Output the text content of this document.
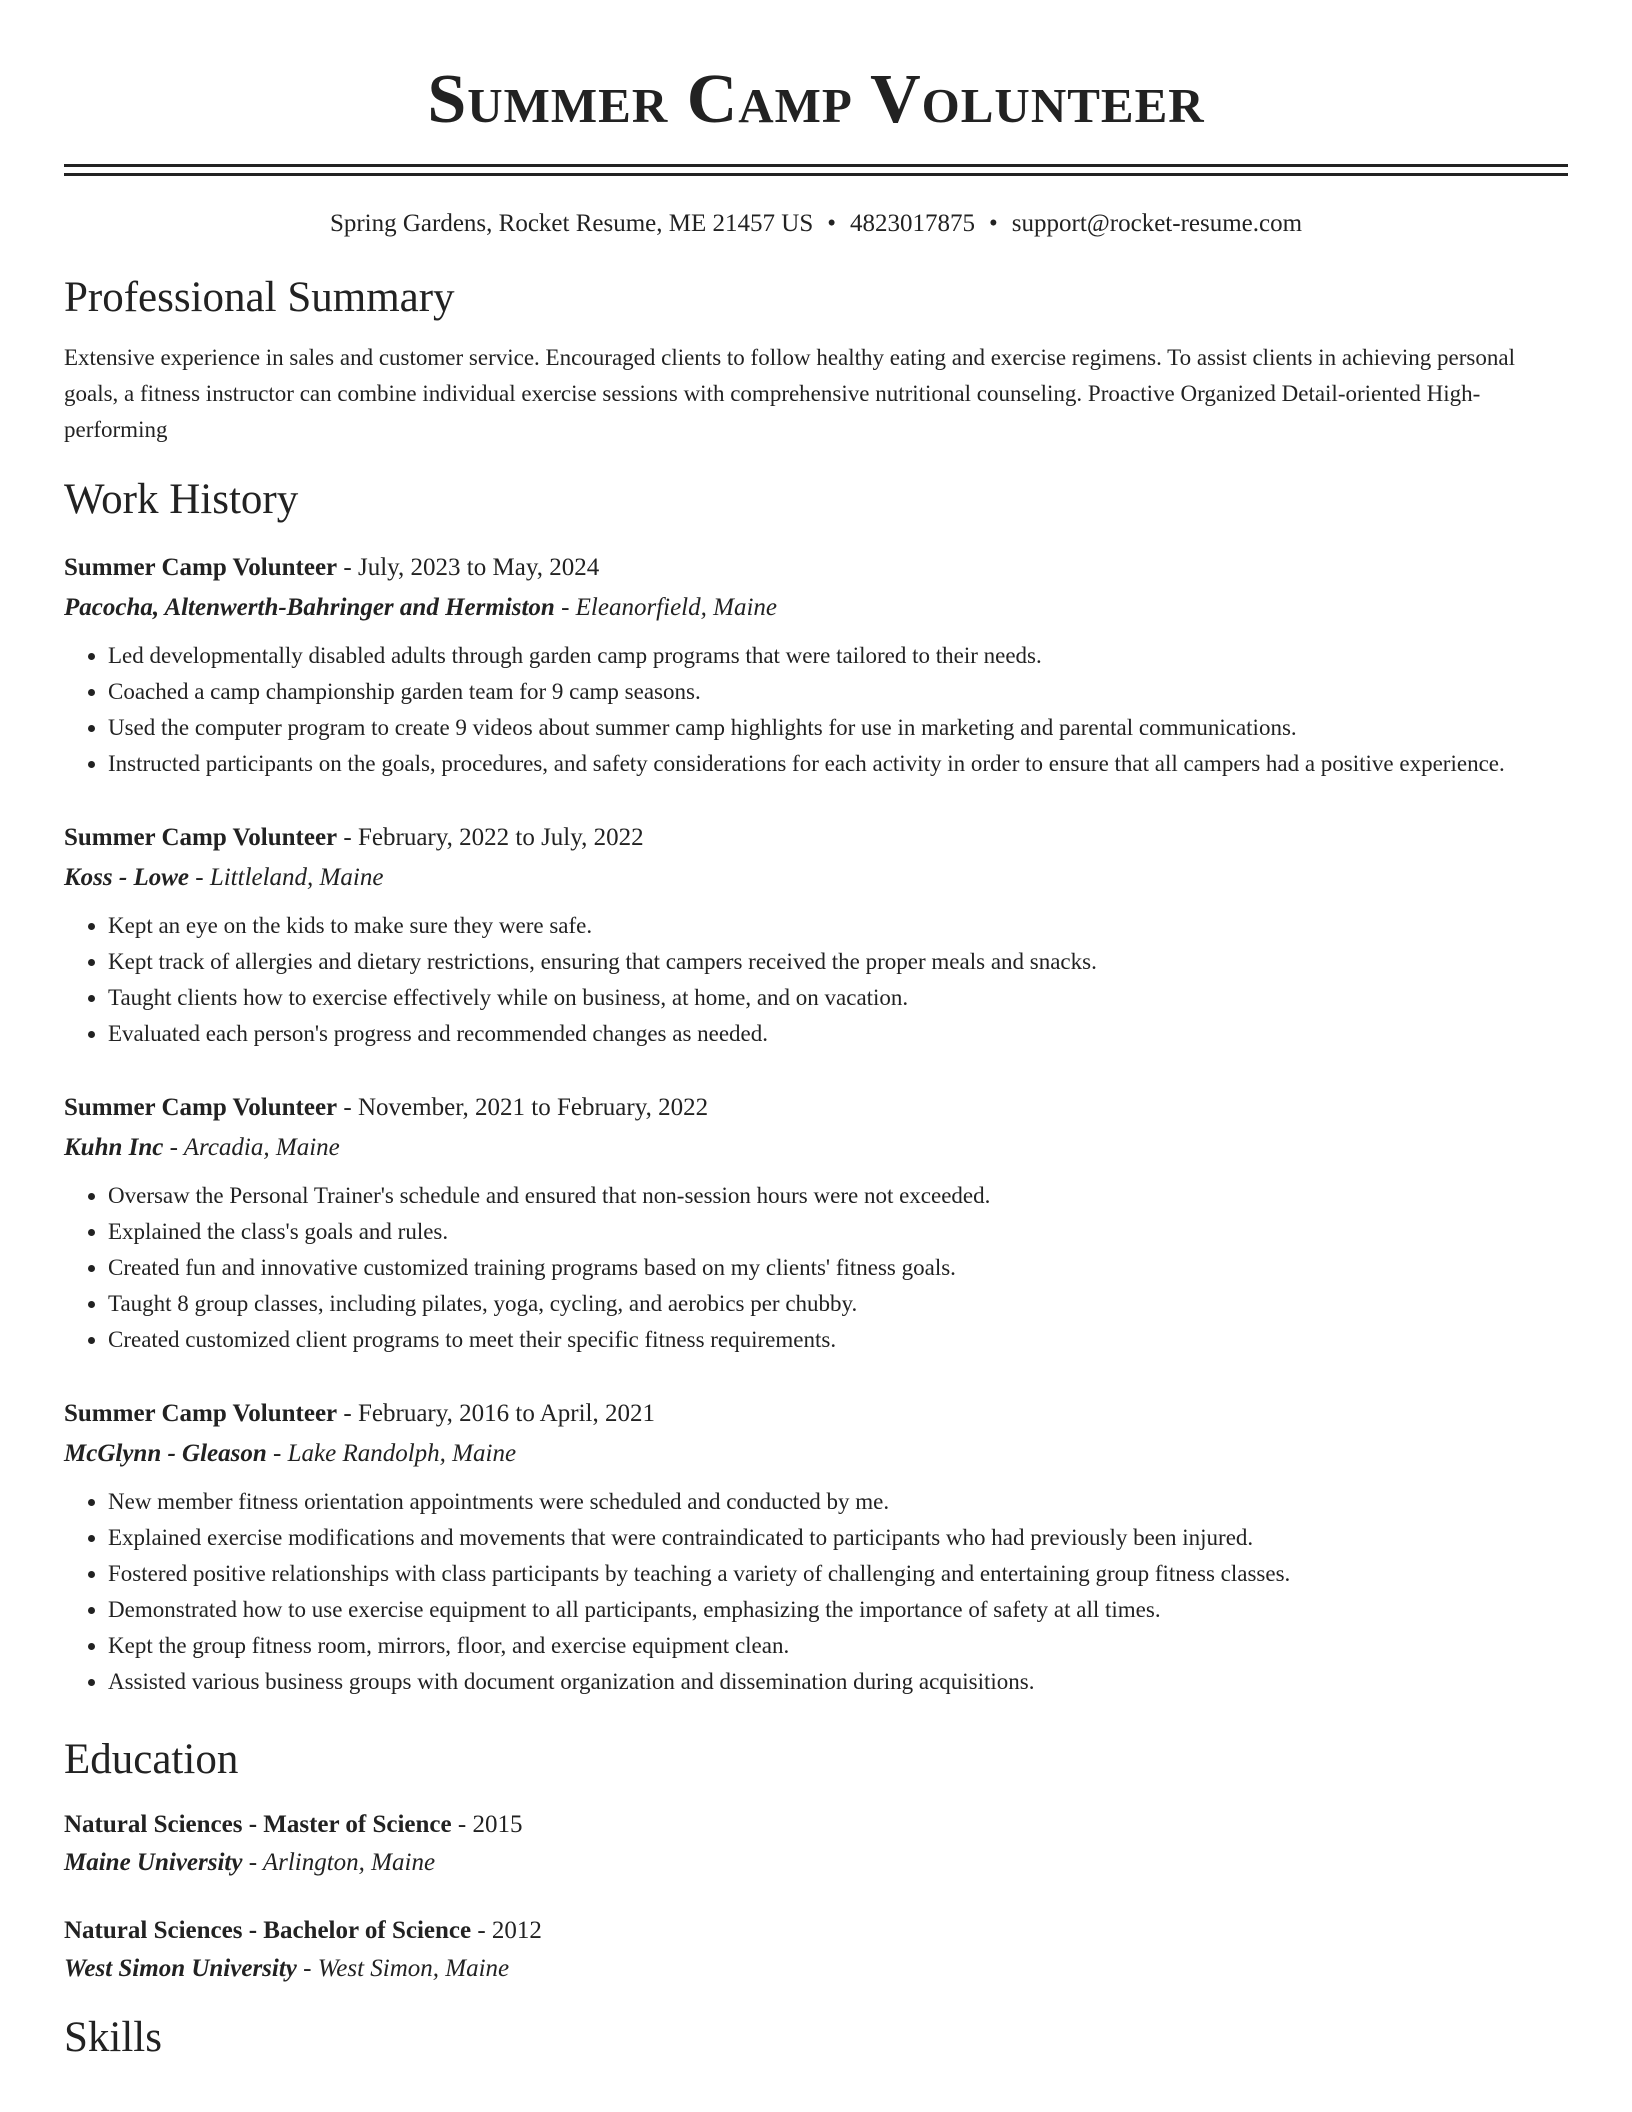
Summer Camp Volunteer
Spring Gardens, Rocket Resume, ME 21457 US • 4823017875 • support@rocket-resume.com
Professional Summary

Extensive experience in sales and customer service. Encouraged clients to follow healthy eating and exercise regimens. To assist clients in achieving personal goals, a fitness instructor can combine individual exercise sessions with comprehensive nutritional counseling. Proactive Organized Detail-oriented High-performing

Work History
Summer Camp Volunteer - July, 2023 to May, 2024
Pacocha, Altenwerth-Bahringer and Hermiston - Eleanorfield, Maine
• Led developmentally disabled adults through garden camp programs that were tailored to their needs.
• Coached a camp championship garden team for 9 camp seasons.
• Used the computer program to create 9 videos about summer camp highlights for use in marketing and parental communications.
• Instructed participants on the goals, procedures, and safety considerations for each activity in order to ensure that all campers had a positive experience.
Summer Camp Volunteer - February, 2022 to July, 2022
Koss - Lowe - Littleland, Maine
• Kept an eye on the kids to make sure they were safe.
• Kept track of allergies and dietary restrictions, ensuring that campers received the proper meals and snacks.
• Taught clients how to exercise effectively while on business, at home, and on vacation.
• Evaluated each person's progress and recommended changes as needed.
Summer Camp Volunteer - November, 2021 to February, 2022
Kuhn Inc - Arcadia, Maine
• Oversaw the Personal Trainer's schedule and ensured that non-session hours were not exceeded.
• Explained the class's goals and rules.
• Created fun and innovative customized training programs based on my clients' fitness goals.
• Taught 8 group classes, including pilates, yoga, cycling, and aerobics per chubby.
• Created customized client programs to meet their specific fitness requirements.
Summer Camp Volunteer - February, 2016 to April, 2021
McGlynn - Gleason - Lake Randolph, Maine
• New member fitness orientation appointments were scheduled and conducted by me.
• Explained exercise modifications and movements that were contraindicated to participants who had previously been injured.
• Fostered positive relationships with class participants by teaching a variety of challenging and entertaining group fitness classes.
• Demonstrated how to use exercise equipment to all participants, emphasizing the importance of safety at all times.
• Kept the group fitness room, mirrors, floor, and exercise equipment clean.
• Assisted various business groups with document organization and dissemination during acquisitions.
Education
Natural Sciences - Master of Science - 2015
Maine University - Arlington, Maine
Natural Sciences - Bachelor of Science - 2012
West Simon University - West Simon, Maine
Skills
